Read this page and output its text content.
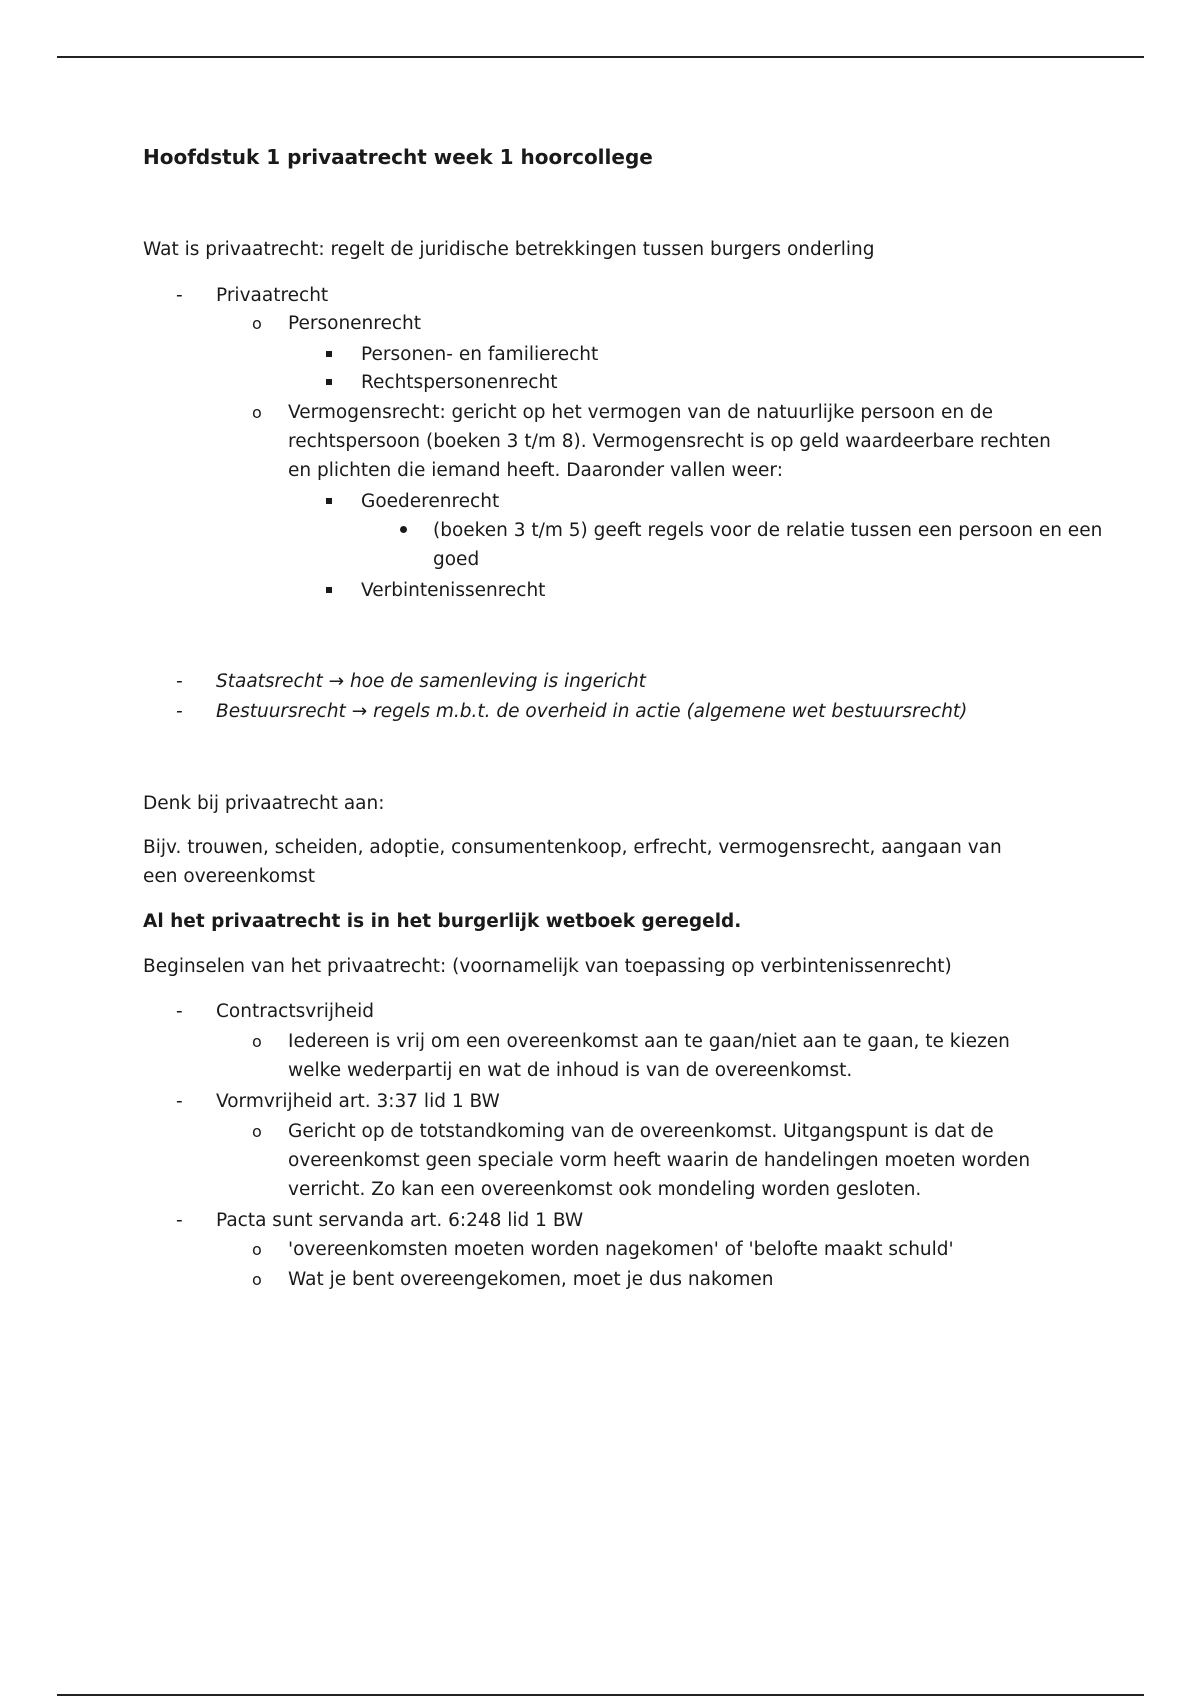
Hoofdstuk 1 privaatrecht week 1 hoorcollege
Wat is privaatrecht: regelt de juridische betrekkingen tussen burgers onderling
- Privaatrecht
o Personenrecht
Personen- en familierecht
Rechtspersonenrecht
o Vermogensrecht: gericht op het vermogen van de natuurlijke persoon en de rechtspersoon (boeken 3 t/m 8). Vermogensrecht is op geld waardeerbare rechten en plichten die iemand heeft. Daaronder vallen weer:
Goederenrecht
(boeken 3 t/m 5) geeft regels voor de relatie tussen een persoon en een goed
Verbintenissenrecht
- Staatsrecht → hoe de samenleving is ingericht
- Bestuursrecht → regels m.b.t. de overheid in actie (algemene wet bestuursrecht)
Denk bij privaatrecht aan:
Bijv. trouwen, scheiden, adoptie, consumentenkoop, erfrecht, vermogensrecht, aangaan van een overeenkomst
Al het privaatrecht is in het burgerlijk wetboek geregeld.
Beginselen van het privaatrecht: (voornamelijk van toepassing op verbintenissenrecht)
- Contractsvrijheid
o Iedereen is vrij om een overeenkomst aan te gaan/niet aan te gaan, te kiezen welke wederpartij en wat de inhoud is van de overeenkomst.
- Vormvrijheid art. 3:37 lid 1 BW
o Gericht op de totstandkoming van de overeenkomst. Uitgangspunt is dat de overeenkomst geen speciale vorm heeft waarin de handelingen moeten worden verricht. Zo kan een overeenkomst ook mondeling worden gesloten.
- Pacta sunt servanda art. 6:248 lid 1 BW
o 'overeenkomsten moeten worden nagekomen' of 'belofte maakt schuld'
o Wat je bent overeengekomen, moet je dus nakomen
